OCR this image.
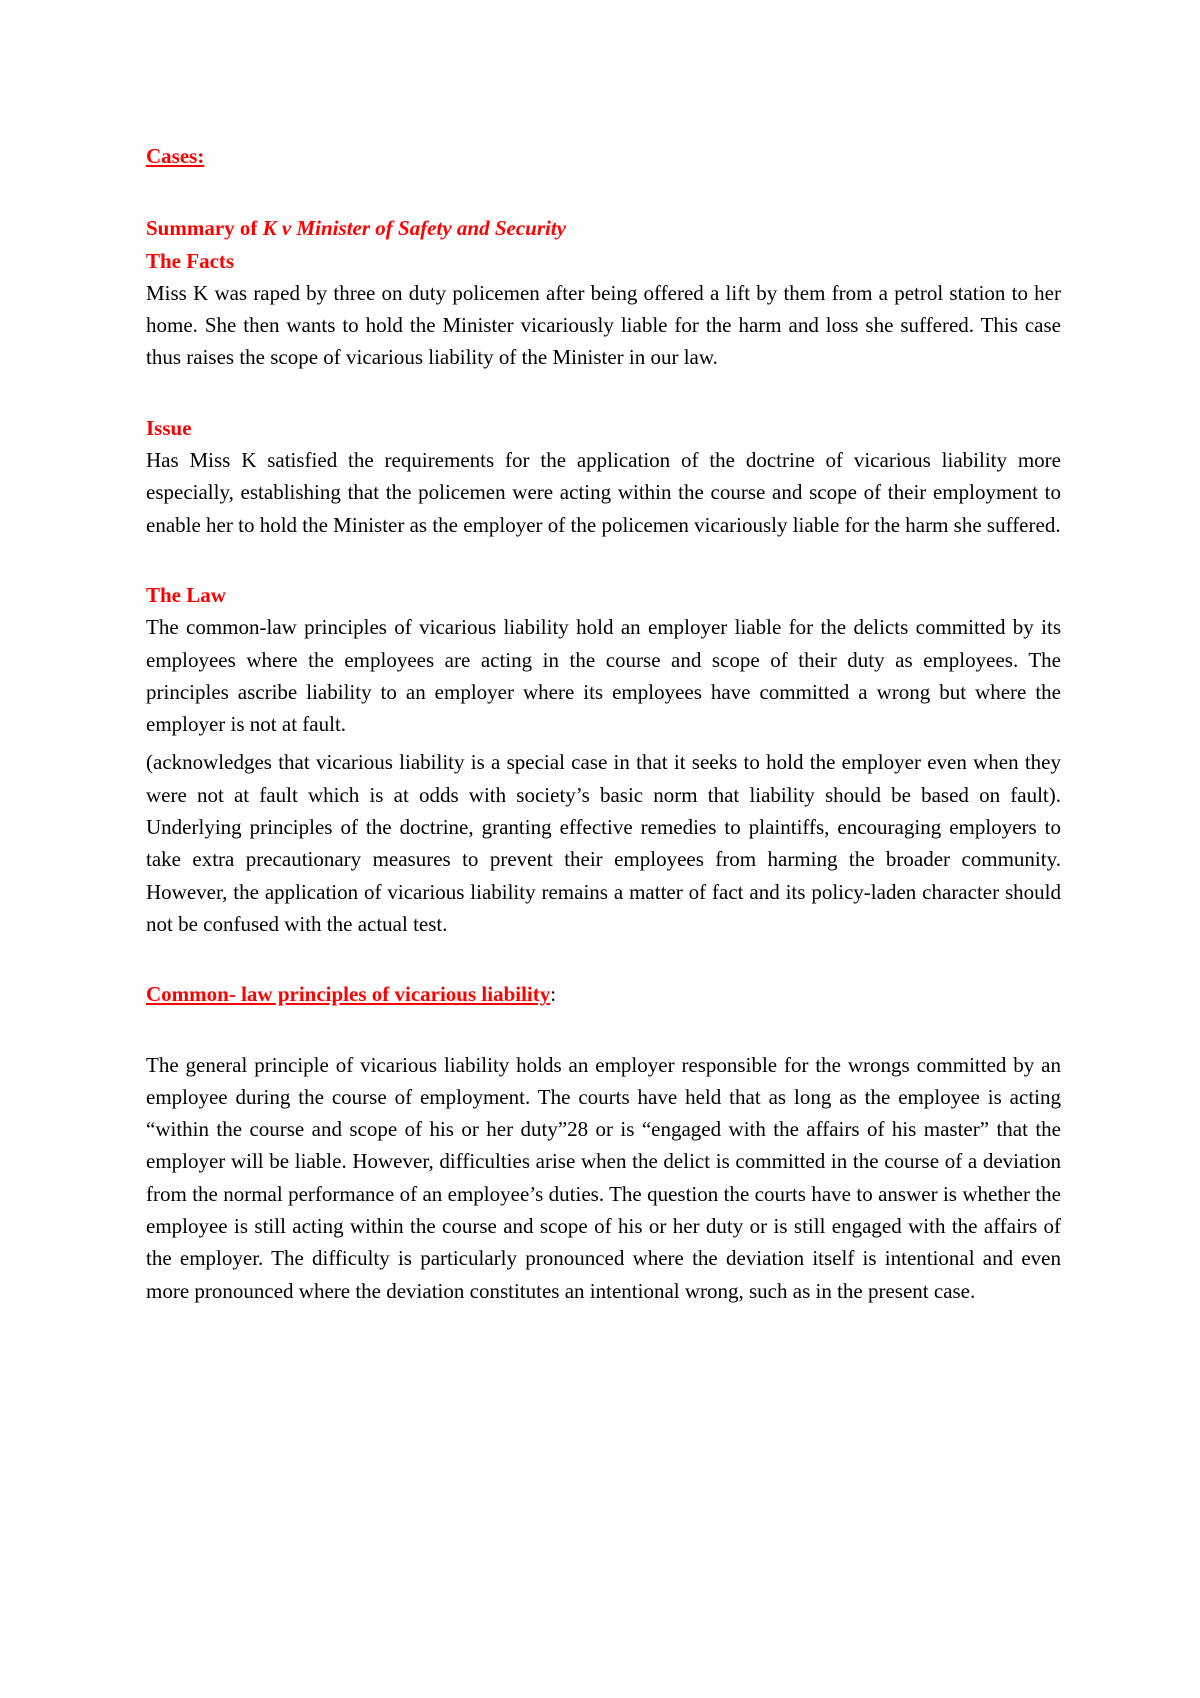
Cases:
Summary of K v Minister of Safety and Security
The Facts

Miss K was raped by three on duty policemen after being offered a lift by them from a petrol station to her home. She then wants to hold the Minister vicariously liable for the harm and loss she suffered. This case thus raises the scope of vicarious liability of the Minister in our law.

Issue

Has Miss K satisfied the requirements for the application of the doctrine of vicarious liability more especially, establishing that the policemen were acting within the course and scope of their employment to enable her to hold the Minister as the employer of the policemen vicariously liable for the harm she suffered.

The Law

The common-law principles of vicarious liability hold an employer liable for the delicts committed by its employees where the employees are acting in the course and scope of their duty as employees. The principles ascribe liability to an employer where its employees have committed a wrong but where the employer is not at fault.

(acknowledges that vicarious liability is a special case in that it seeks to hold the employer even when they were not at fault which is at odds with society’s basic norm that liability should be based on fault). Underlying principles of the doctrine, granting effective remedies to plaintiffs, encouraging employers to take extra precautionary measures to prevent their employees from harming the broader community. However, the application of vicarious liability remains a matter of fact and its policy-laden character should not be confused with the actual test.

Common- law principles of vicarious liability:

The general principle of vicarious liability holds an employer responsible for the wrongs committed by an employee during the course of employment. The courts have held that as long as the employee is acting “within the course and scope of his or her duty”28 or is “engaged with the affairs of his master” that the employer will be liable. However, difficulties arise when the delict is committed in the course of a deviation from the normal performance of an employee’s duties. The question the courts have to answer is whether the employee is still acting within the course and scope of his or her duty or is still engaged with the affairs of the employer. The difficulty is particularly pronounced where the deviation itself is intentional and even more pronounced where the deviation constitutes an intentional wrong, such as in the present case.
